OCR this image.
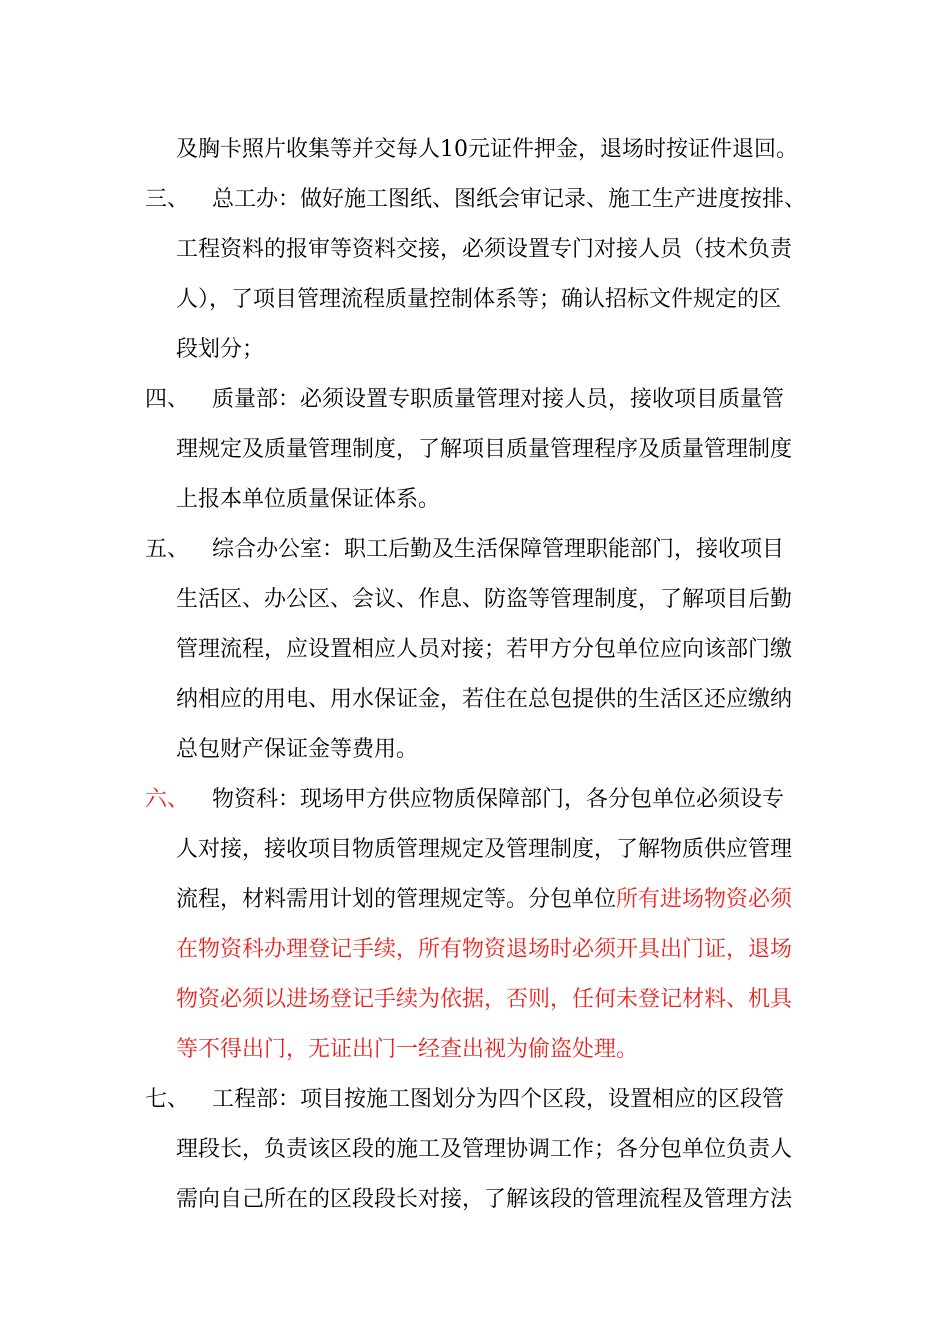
及胸卡照片收集等并交每人10元证件押金，退场时按证件退回。
三、 总工办：做好施工图纸、图纸会审记录、施工生产进度按排、
工程资料的报审等资料交接，必须设置专门对接人员（技术负责
人），了项目管理流程质量控制体系等；确认招标文件规定的区
段划分；
四、 质量部：必须设置专职质量管理对接人员，接收项目质量管
理规定及质量管理制度，了解项目质量管理程序及质量管理制度
上报本单位质量保证体系。
五、 综合办公室：职工后勤及生活保障管理职能部门，接收项目
生活区、办公区、会议、作息、防盗等管理制度，了解项目后勤
管理流程，应设置相应人员对接；若甲方分包单位应向该部门缴
纳相应的用电、用水保证金，若住在总包提供的生活区还应缴纳
总包财产保证金等费用。
六、 物资科：现场甲方供应物质保障部门，各分包单位必须设专
人对接，接收项目物质管理规定及管理制度，了解物质供应管理
流程，材料需用计划的管理规定等。分包单位所有进场物资必须
在物资科办理登记手续，所有物资退场时必须开具出门证，退场
物资必须以进场登记手续为依据，否则，任何未登记材料、机具
等不得出门，无证出门一经查出视为偷盗处理。
七、 工程部：项目按施工图划分为四个区段，设置相应的区段管
理段长，负责该区段的施工及管理协调工作；各分包单位负责人
需向自己所在的区段段长对接，了解该段的管理流程及管理方法
